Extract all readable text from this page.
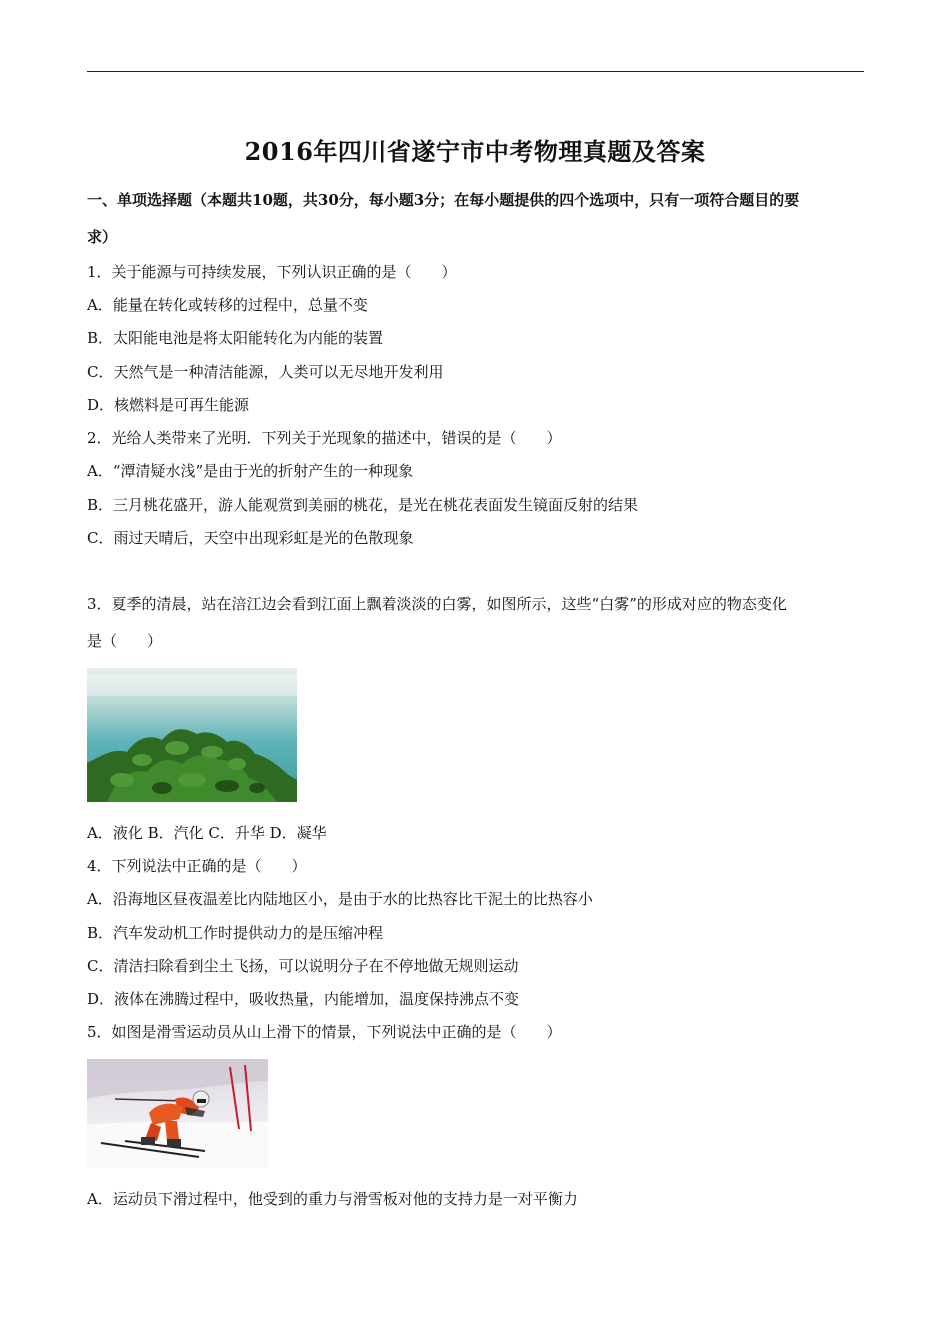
2016年四川省遂宁市中考物理真题及答案
一、单项选择题（本题共10题，共30分，每小题3分；在每小题提供的四个选项中，只有一项符合题目的要
求）
1．关于能源与可持续发展，下列认识正确的是（　　）
A．能量在转化或转移的过程中，总量不变
B．太阳能电池是将太阳能转化为内能的装置
C．天然气是一种清洁能源，人类可以无尽地开发利用
D．核燃料是可再生能源
2．光给人类带来了光明．下列关于光现象的描述中，错误的是（　　）
A．“潭清疑水浅”是由于光的折射产生的一种现象
B．三月桃花盛开，游人能观赏到美丽的桃花，是光在桃花表面发生镜面反射的结果
C．雨过天晴后，天空中出现彩虹是光的色散现象
3．夏季的清晨，站在涪江边会看到江面上飘着淡淡的白雾，如图所示，这些“白雾”的形成对应的物态变化
是（　　）
A．液化 B．汽化 C．升华 D．凝华
4．下列说法中正确的是（　　）
A．沿海地区昼夜温差比内陆地区小，是由于水的比热容比干泥土的比热容小
B．汽车发动机工作时提供动力的是压缩冲程
C．清洁扫除看到尘土飞扬，可以说明分子在不停地做无规则运动
D．液体在沸腾过程中，吸收热量，内能增加，温度保持沸点不变
5．如图是滑雪运动员从山上滑下的情景，下列说法中正确的是（　　）
A．运动员下滑过程中，他受到的重力与滑雪板对他的支持力是一对平衡力
